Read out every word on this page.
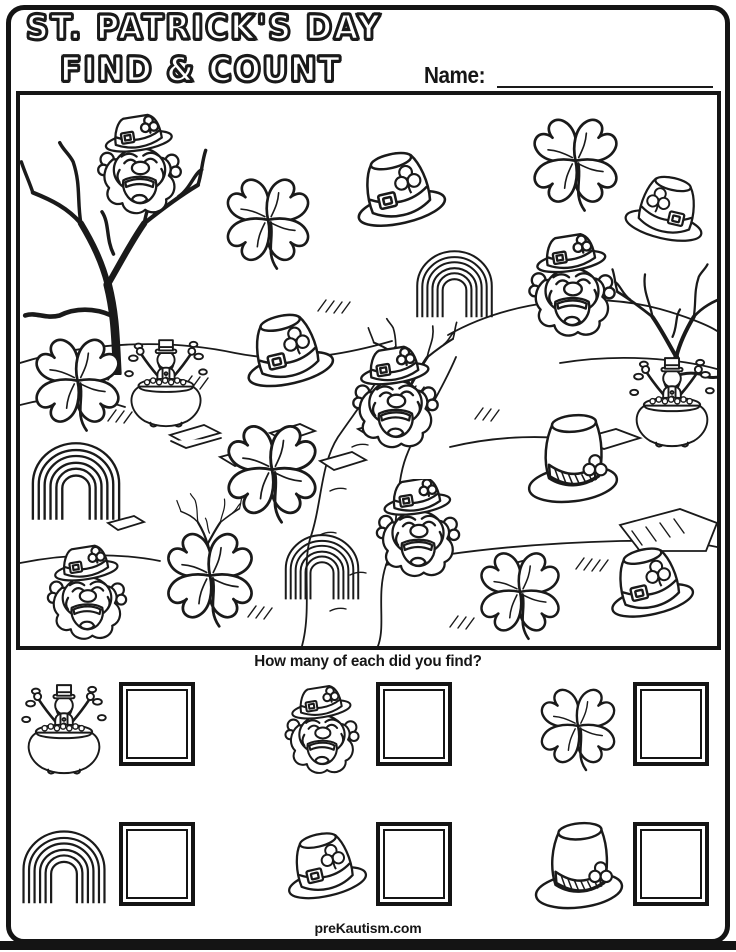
ST. PATRICK'S DAY
FIND & COUNT	Name:
How many of each did you find?
preKautism.com
